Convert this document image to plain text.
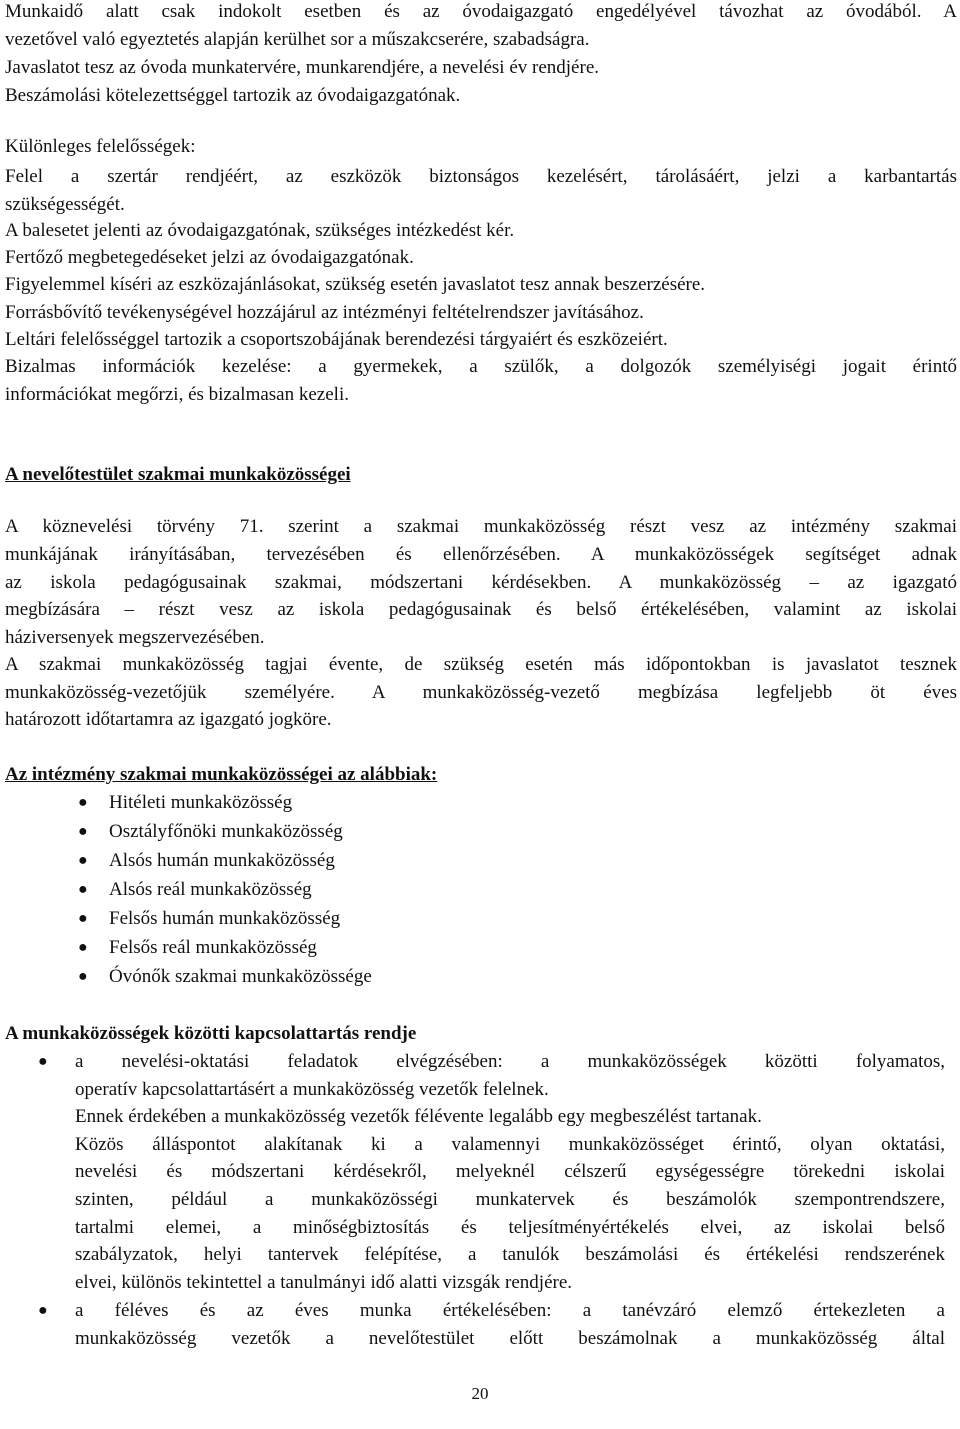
Munkaidő alatt csak indokolt esetben és az óvodaigazgató engedélyével távozhat az óvodából. A
vezetővel való egyeztetés alapján kerülhet sor a műszakcserére, szabadságra.
Javaslatot tesz az óvoda munkatervére, munkarendjére, a nevelési év rendjére.
Beszámolási kötelezettséggel tartozik az óvodaigazgatónak.
Különleges felelősségek:
Felel a szertár rendjéért, az eszközök biztonságos kezelésért, tárolásáért, jelzi a karbantartás
szükségességét.
A balesetet jelenti az óvodaigazgatónak, szükséges intézkedést kér.
Fertőző megbetegedéseket jelzi az óvodaigazgatónak.
Figyelemmel kíséri az eszközajánlásokat, szükség esetén javaslatot tesz annak beszerzésére.
Forrásbővítő tevékenységével hozzájárul az intézményi feltételrendszer javításához.
Leltári felelősséggel tartozik a csoportszobájának berendezési tárgyaiért és eszközeiért.
Bizalmas információk kezelése: a gyermekek, a szülők, a dolgozók személyiségi jogait érintő
információkat megőrzi, és bizalmasan kezeli.
A nevelőtestület szakmai munkaközösségei
A köznevelési törvény 71. szerint a szakmai munkaközösség részt vesz az intézmény szakmai
munkájának irányításában, tervezésében és ellenőrzésében. A munkaközösségek segítséget adnak
az iskola pedagógusainak szakmai, módszertani kérdésekben. A munkaközösség – az igazgató
megbízására – részt vesz az iskola pedagógusainak és belső értékelésében, valamint az iskolai
háziversenyek megszervezésében.
A szakmai munkaközösség tagjai évente, de szükség esetén más időpontokban is javaslatot tesznek
munkaközösség-vezetőjük személyére. A munkaközösség-vezető megbízása legfeljebb öt éves
határozott időtartamra az igazgató jogköre.
Az intézmény szakmai munkaközösségei az alábbiak:
● Hitéleti munkaközösség
● Osztályfőnöki munkaközösség
● Alsós humán munkaközösség
● Alsós reál munkaközösség
● Felsős humán munkaközösség
● Felsős reál munkaközösség
● Óvónők szakmai munkaközössége
A munkaközösségek közötti kapcsolattartás rendje
● a nevelési-oktatási feladatok elvégzésében: a munkaközösségek közötti folyamatos,
operatív kapcsolattartásért a munkaközösség vezetők felelnek.
Ennek érdekében a munkaközösség vezetők félévente legalább egy megbeszélést tartanak.
Közös álláspontot alakítanak ki a valamennyi munkaközösséget érintő, olyan oktatási,
nevelési és módszertani kérdésekről, melyeknél célszerű egységességre törekedni iskolai
szinten, például a munkaközösségi munkatervek és beszámolók szempontrendszere,
tartalmi elemei, a minőségbiztosítás és teljesítményértékelés elvei, az iskolai belső
szabályzatok, helyi tantervek felépítése, a tanulók beszámolási és értékelési rendszerének
elvei, különös tekintettel a tanulmányi idő alatti vizsgák rendjére.
● a féléves és az éves munka értékelésében: a tanévzáró elemző értekezleten a
munkaközösség vezetők a nevelőtestület előtt beszámolnak a munkaközösség által
20
